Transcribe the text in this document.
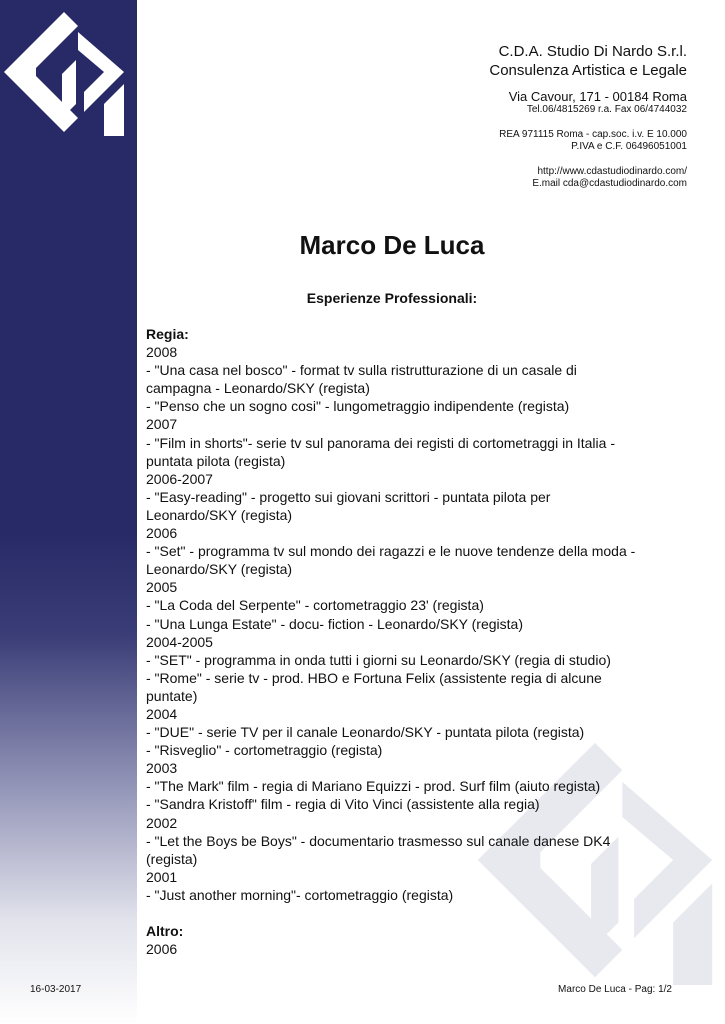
C.D.A. Studio Di Nardo S.r.l.
Consulenza Artistica e Legale
Via Cavour, 171 - 00184 Roma
Tel.06/4815269 r.a. Fax 06/4744032
REA 971115 Roma - cap.soc. i.v. E 10.000
P.IVA e C.F. 06496051001
http://www.cdastudiodinardo.com/
E.mail cda@cdastudiodinardo.com
Marco De Luca
Esperienze Professionali:
Regia:
2008
- "Una casa nel bosco" - format tv sulla ristrutturazione di un casale di campagna - Leonardo/SKY (regista)
- "Penso che un sogno cosi" - lungometraggio indipendente (regista)
2007
- "Film in shorts"- serie tv sul panorama dei registi di cortometraggi in Italia - puntata pilota (regista)
2006-2007
- "Easy-reading" - progetto sui giovani scrittori - puntata pilota per Leonardo/SKY (regista)
2006
- "Set" - programma tv sul mondo dei ragazzi e le nuove tendenze della moda - Leonardo/SKY (regista)
2005
- "La Coda del Serpente" - cortometraggio 23' (regista)
- "Una Lunga Estate" - docu- fiction - Leonardo/SKY (regista)
2004-2005
- "SET" - programma in onda tutti i giorni su Leonardo/SKY (regia di studio)
- "Rome" - serie tv - prod. HBO e Fortuna Felix (assistente regia di alcune puntate)
2004
- "DUE" - serie TV per il canale Leonardo/SKY - puntata pilota (regista)
- "Risveglio" - cortometraggio (regista)
2003
- "The Mark" film - regia di Mariano Equizzi - prod. Surf film (aiuto regista)
- "Sandra Kristoff" film - regia di Vito Vinci (assistente alla regia)
2002
- "Let the Boys be Boys" - documentario trasmesso sul canale danese DK4 (regista)
2001
- "Just another morning"- cortometraggio (regista)
Altro:
2006
16-03-2017	Marco De Luca - Pag: 1/2
